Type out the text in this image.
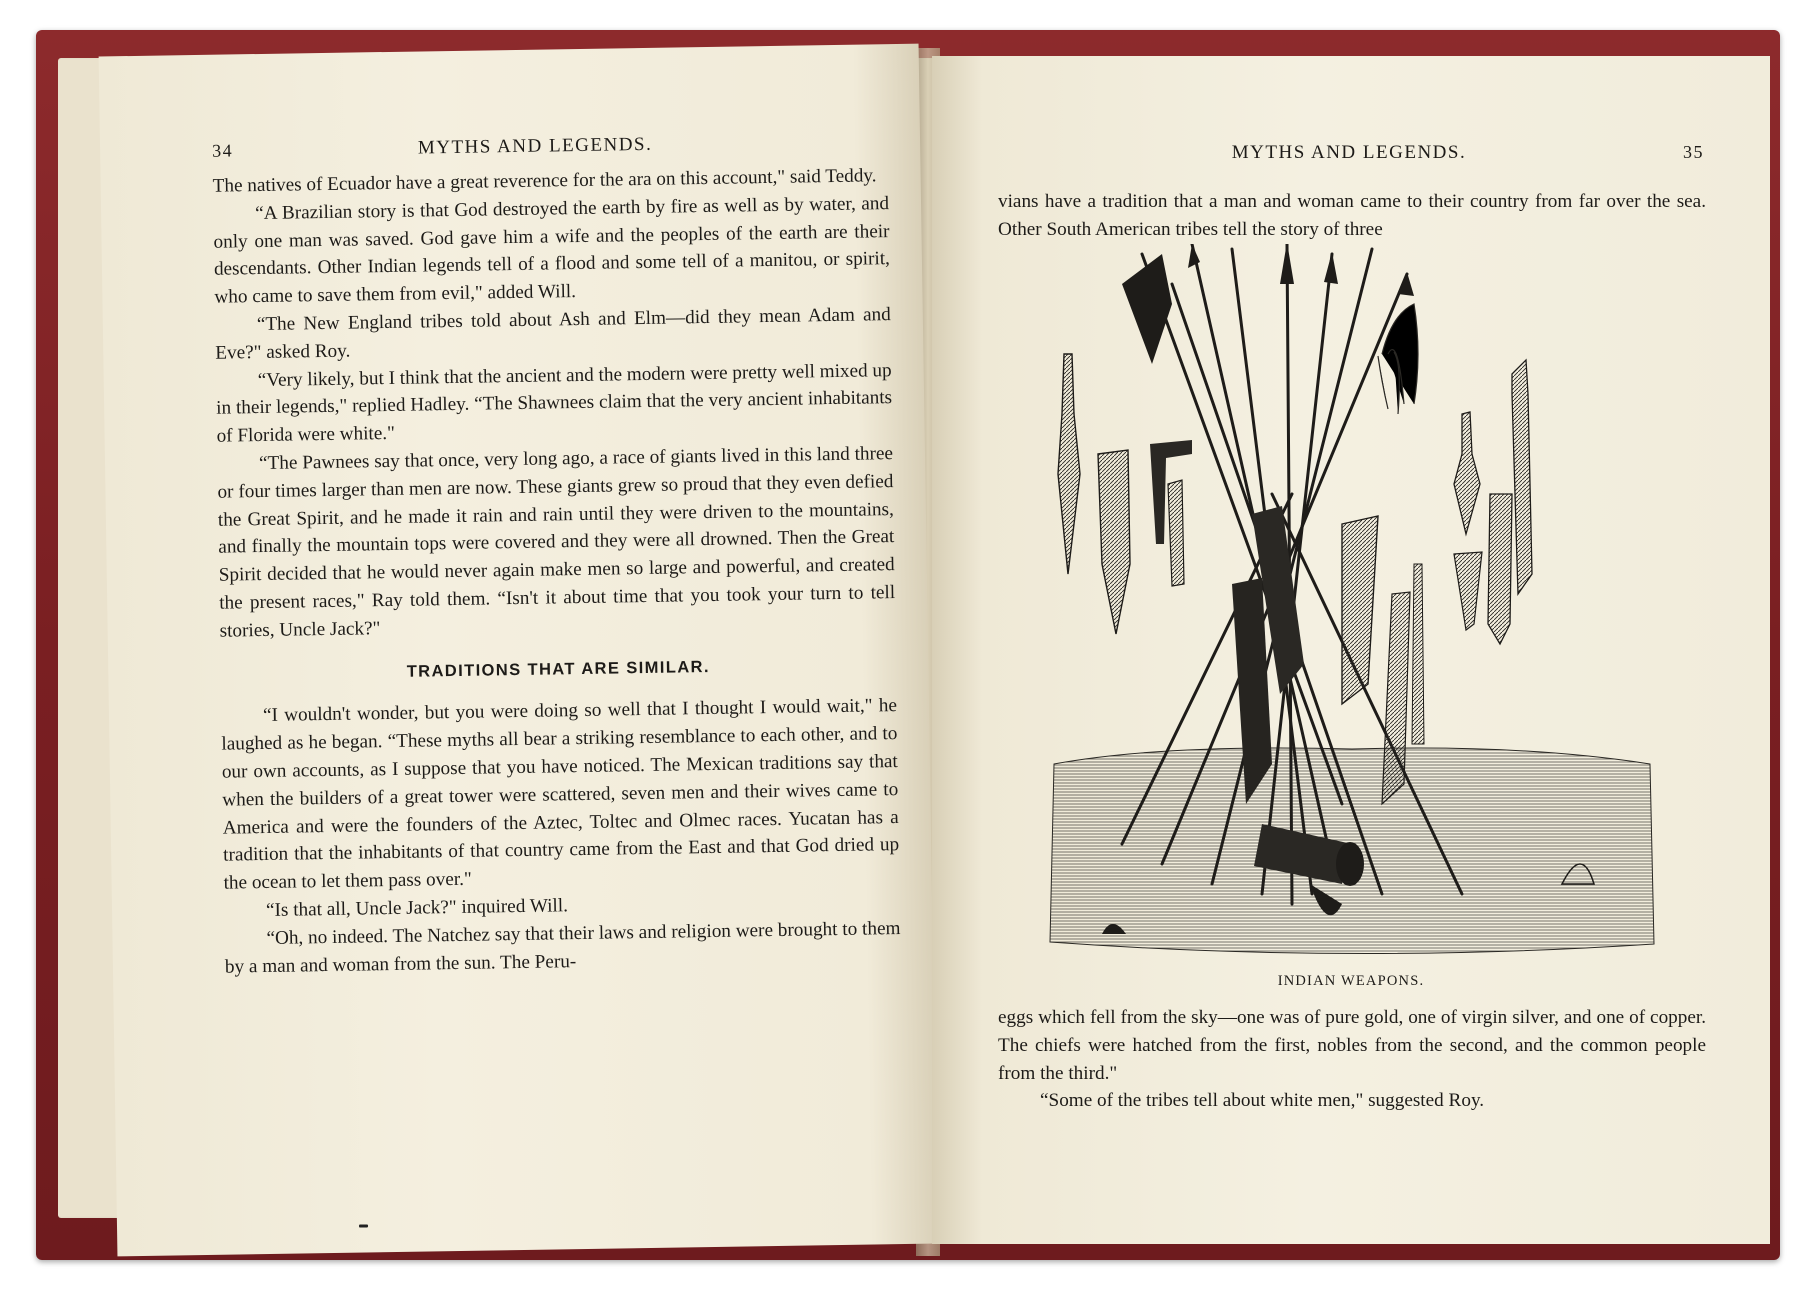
34	MYTHS AND LEGENDS.

The natives of Ecuador have a great reverence for the ara on this account," said Teddy.

“A Brazilian story is that God destroyed the earth by fire as well as by water, and only one man was saved. God gave him a wife and the peoples of the earth are their descendants. Other Indian legends tell of a flood and some tell of a manitou, or spirit, who came to save them from evil," added Will.

“The New England tribes told about Ash and Elm—did they mean Adam and Eve?" asked Roy.

“Very likely, but I think that the ancient and the modern were pretty well mixed up in their legends," replied Hadley. “The Shawnees claim that the very ancient inhabitants of Florida were white."

“The Pawnees say that once, very long ago, a race of giants lived in this land three or four times larger than men are now. These giants grew so proud that they even defied the Great Spirit, and he made it rain and rain until they were driven to the mountains, and finally the mountain tops were covered and they were all drowned. Then the Great Spirit decided that he would never again make men so large and powerful, and created the present races," Ray told them. “Isn't it about time that you took your turn to tell stories, Uncle Jack?"

TRADITIONS THAT ARE SIMILAR.

“I wouldn't wonder, but you were doing so well that I thought I would wait," he laughed as he began. “These myths all bear a striking resemblance to each other, and to our own accounts, as I suppose that you have noticed. The Mexican traditions say that when the builders of a great tower were scattered, seven men and their wives came to America and were the founders of the Aztec, Toltec and Olmec races. Yucatan has a tradition that the inhabitants of that country came from the East and that God dried up the ocean to let them pass over."

“Is that all, Uncle Jack?" inquired Will.

“Oh, no indeed. The Natchez say that their laws and religion were brought to them by a man and woman from the sun. The Peru-

MYTHS AND LEGENDS.	35

vians have a tradition that a man and woman came to their country from far over the sea. Other South American tribes tell the story of three

INDIAN WEAPONS.

eggs which fell from the sky—one was of pure gold, one of virgin silver, and one of copper. The chiefs were hatched from the first, nobles from the second, and the common people from the third."

“Some of the tribes tell about white men," suggested Roy.
